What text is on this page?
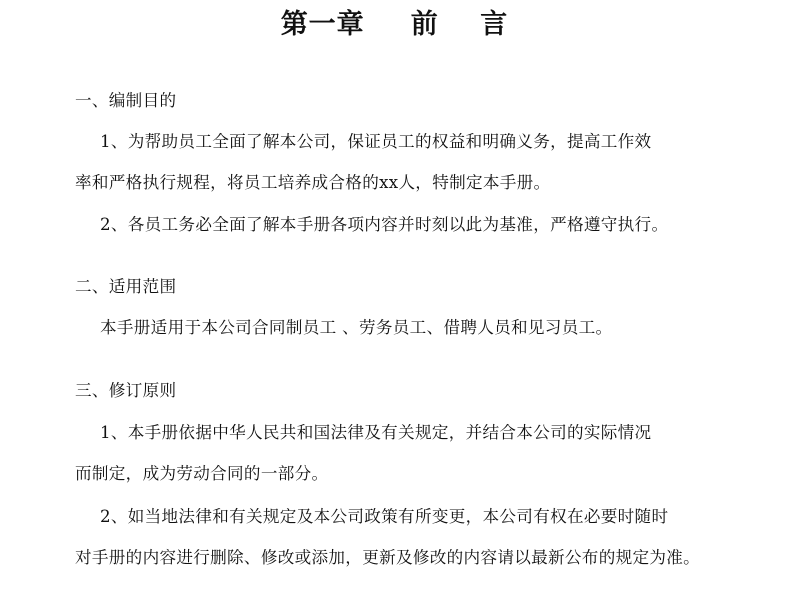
第一章 前    言
一、编制目的
1、为帮助员工全面了解本公司，保证员工的权益和明确义务，提高工作效
率和严格执行规程，将员工培养成合格的xx人，特制定本手册。
2、各员工务必全面了解本手册各项内容并时刻以此为基准，严格遵守执行。
二、适用范围
本手册适用于本公司合同制员工 、劳务员工、借聘人员和见习员工。
三、修订原则
1、本手册依据中华人民共和国法律及有关规定，并结合本公司的实际情况
而制定，成为劳动合同的一部分。
2、如当地法律和有关规定及本公司政策有所变更，本公司有权在必要时随时
对手册的内容进行删除、修改或添加，更新及修改的内容请以最新公布的规定为准。
